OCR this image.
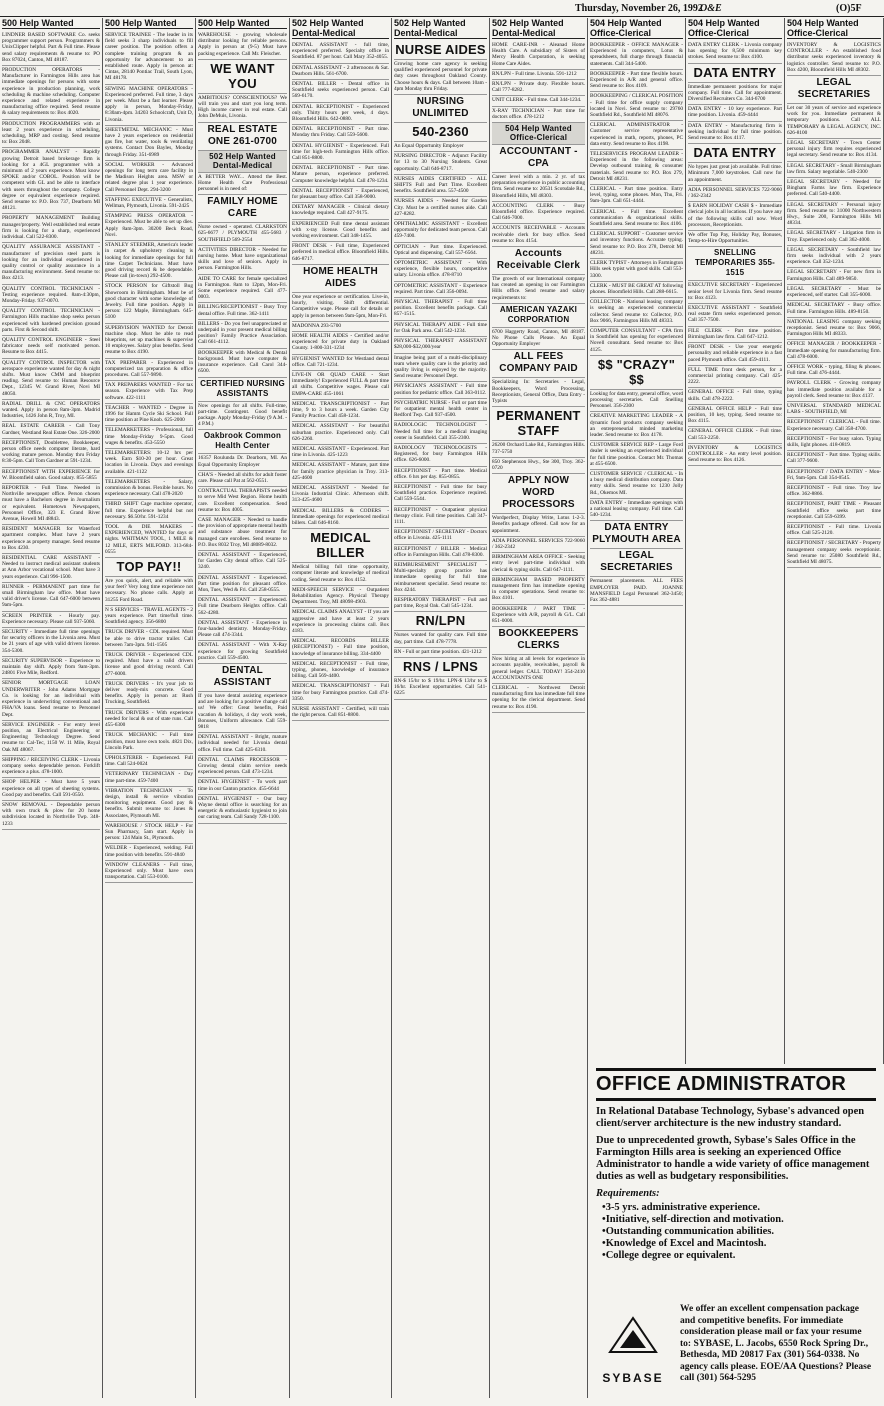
Thursday, November 26, 1992
O&E	(O)5F
500 Help Wanted

LINDNER BASED SOFTWARE Co. seeks programmer support person. Programmers & UnixClipper helpful. Part & Full time. Please send salary requirements & resume to: PO Box 87024, Canton, MI 48187.

PRODUCTION OPERATORS - Manufacturer in Farmington Hills area has immediate openings for persons with some experience in production planning, work scheduling & machine scheduling. Computer experience and related experience in manufacturing office required. Send resume & salary requirements to: Box 4020.

PRODUCTION PROGRAMMERS with at least 2 years experience in scheduling, scheduling, MRP and costing. Send resume to: Box 2048.

PROGRAMMER ANALYST - Rapidly growing Detroit based brokerage firm is looking for a 4GL programmer with a minimum of 2 years experience. Must know SPOKE and/or COBOL. Position will be competent with GL and be able to interface with users throughout the company. College degree or equivalent experience required. Send resume to: P.O. Box 737, Dearborn MI 48121.

PROPERTY MANAGEMENT Building manager/property. Well established real estate firm is looking for a sharp, experienced individual. Call 522-8300.

QUALITY ASSURANCE ASSISTANT - manufacturer of precision steel parts is looking for an individual experienced in quality control or quality assurance in a manufacturing environment. Send resume to: Box 4213.

QUALITY CONTROL TECHNICIAN - Testing experience required. 8am-4:30pm, Monday-Friday. 937-0070.

QUALITY CONTROL TECHNICIAN - Farmington Hills machine shop seeks person experienced with hardened precision ground parts. First & Second shift.

QUALITY CONTROL ENGINEER - Steel fabricator needs self motivated person. Resume to Box 4415.

QUALITY CONTROL INSPECTOR with aerospace experience wanted for day & night shifts. Must know CMM and blueprint reading. Send resume to: Human Resource Dept., 12345 W. Grand River, Novi MI 48050.

RADIAL DRILL & CNC OPERATORS wanted. Apply in person 8am-3pm. Madrid Industries, 1426 John R, Troy, MI.

REAL ESTATE CAREER - Call Tony Gardner, Westland Real Estate One. 326-2000

RECEPTIONIST, Doubletree, Bookkeeper, person office needs computer literate, hard working mature person. Monday thru Friday 8:30-5pm. Call Tom Gardner at 591-1234.

RECEPTIONIST WITH EXPERIENCE for W. Bloomfield salon. Good salary. 855-5855

REPORTER - Full Time. Needed in Northville newspaper office. Person chosen must have a Bachelors degree in Journalism or equivalent. Hometown Newspapers, Personnel Office, 323 E. Grand River Avenue, Howell MI 48843.

RESIDENT MANAGER for Waterford apartment complex. Must have 2 years experience as property manager. Send resume to Box 4230.

RESIDENTIAL CARE ASSISTANT - Needed to instruct medical assistant students at Ann Arbor vocational school. Must have 3 years experience. Call 996-1500.

RUNNER - PERMANENT part time for small Birmingham law office. Must have valid driver's license. Call 647-6000 between 9am-5pm.

SCREEN PRINTER - Hourly pay. Experience necessary. Please call 937-5060.

SECURITY - Immediate full time openings for security officers in the Livonia area. Must be 21 years of age with valid drivers license. 354-5300.

SECURITY SUPERVISOR - Experience to maintain day shift. Apply from 9am-3pm. 24801 Five Mile, Redford.

SENIOR MORTGAGE LOAN UNDERWRITER - John Adams Mortgage Co. is looking for an individual with experience in underwriting conventional and FHA/VA loans. Send resume to Personnel Dept.

SERVICE ENGINEER - For entry level position, an Electrical Engineering or Engineering Technology Degree. Send resume to: Cal-Tec, 1150 W. 11 Mile, Royal Oak MI 48067.

SHIPPING / RECEIVING CLERK - Livonia company seeks dependable person. Forklift experience a plus. 478-1000.

SHOP HELPER - Must have 5 years experience on all types of sheeting systems. Good pay and benefits. Call 591-0550.

SNOW REMOVAL - Dependable person with own truck & plow for 20 home subdivision located in Northville Twp. 348-1233

500 Help Wanted

SERVICE TRAINEE - The leader in its field seeks 3 sharp individuals to fill career position. The position offers a complete training program & an opportunity for advancement to an established route. Apply in person at: Cintas, 28140 Pontiac Trail, South Lyon, MI 48178.

SEWING MACHINE OPERATORS - Experienced preferred. Full time, 3 days per week. Must be a fast learner. Please apply in person, Monday-Friday, 8:30am-4pm. 34203 Schoolcraft, Unit D, Livonia.

SHEETMETAL MECHANIC - Must have 2 years experience on residential gas fire, hot water, tools & ventilating systems. Contact Don Bayles, Monday through Friday. 351-6989

SOCIAL WORKER - Advanced openings for long term care facility in the Madison Heights area. MSW or related degree plus 1 year experience. Call Personnel Dept. 294-3200

STAFFING EXECUTIVE - Generalists, Wellman, Plymouth, Livonia. 591-2425

STAMPING PRESS OPERATOR - Experienced. Must be able to set up dies. Apply 8am-3pm. 30200 Beck Road, Novi.

STANLEY STEEMER, America's leader in carpet & upholstery cleaning is looking for immediate openings for full time Carpet Technicians. Must have good driving record & be dependable. Please call (in-town) 292-4500.

STOCK PERSON for Giftstoll Bug Showroom in Birmingham. Must be of good character with some knowledge of Jewelry. Full time position. Apply in person: 122 Maple, Birmingham. 645-5100

SUPERVISION WANTED for Detroit machine shop. Must be able to read blueprints, set up machines & supervise 10 employees. Salary plus benefits. Send resume to Box 4190.

TAX PREPARER - Experienced in computerized tax preparation & office procedures. Call 557-9890.

TAX PREPARERS WANTED - For tax season. Experience with Tax Prep software. 422-1111

TEACHER - WANTED - Degree in 1996 for Hamm Cycle Ski School. Full time position at Pine Knob. 625-2000

TELEMARKETERS - Professional, full time Monday-Friday 9-5pm. Good wages & benefits. 453-5550

TELEMARKETERS: 10-12 hrs per week. Earn $10-20 per hour. Great location in Livonia. Days and evenings available. 421-1122

TELEMARKETERS - Salary, commission & bonus. Flexible hours. No experience necessary. Call 478-2020

THIRD SHIFT Cage machine operator, full time. Experience helpful but not necessary. $6.50/hr. 591-1234

TOOL & DIE MAKERS - EXPERIENCED, WANTED for days or nights. WHITMAN TOOL, 1 MILE & 12 MILE, ERTS MILFORD. 313-684-0555

TOP PAY!!

Are you quick, alert, and reliable with your feet? Very long time experience not necessary. No phone calls. Apply at 31255 Ford Road.

N S SERVICES - TRAVEL AGENTS - 2 years experience. Part time/full time. Southfield agency. 356-6800

TRUCK DRIVER - CDL required. Must be able to drive tractor trailer. Call between 7am-3pm. 941-1505

TRUCK DRIVER - Experienced CDL required. Must have a valid drivers license and good driving record. Call 477-6000.

TRUCK DRIVERS - It's your job to deliver ready-mix concrete. Good benefits. Apply in person at: Rush Trucking, Southfield.

TRUCK DRIVERS - With experience needed for local & out of state runs. Call 455-6300

TRUCK MECHANIC - Full time position, must have own tools. 4821 Dix, Lincoln Park.

UPHOLSTERER - Experienced. Full time. Call 524-0024

VETERINARY TECHNICIAN - Day time part-time. 459-7400

VIBRATION TECHNICIAN - To design, install & service vibration monitoring equipment. Good pay & benefits. Submit resume to: Jones & Associates, Plymouth MI.

WAREHOUSE / STOCK HELP - For Sun Pharmacy, 5am start. Apply in person: 124 Main St., Plymouth.

WELDER - Experienced, welding. Full time position with benefits. 591-4840

WINDOW CLEANERS - Full time, Experienced only. Must have own transportation. Call 553-0100.

500 Help Wanted

WAREHOUSE - growing wholesale distributor looking for reliable persons. Apply in person at (9-5) Must have packing experience. Call Mr. Fleischer.

WE WANT YOU

AMBITIOUS? CONSCIENTIOUS? We will train you and start you long term. High income career in real estate. Call John DeMuis, Livonia.

REAL ESTATE ONE 261-0700

502 Help Wanted Dental-Medical

A BETTER WAY... Attend the Best. Home Health Care Professional personnel is in need of:

FAMILY HOME CARE

Nurse owned - operated. CLARKSTON 625-6677 / PLYMOUTH 455-5683 / SOUTHFIELD 569-2554

ACTIVITIES DIRECTOR - Needed for nursing home. Must have organizational skills and love of seniors. Apply in person. Farmington Hills.

AIDE TO CARE for female specialized in Farmington. 8am to 12pm, Mon-Fri. Some experience required. Call 477-0003.

BILLING/RECEPTIONIST - Busy Troy dental office. Full time. 362-1411

BILLERS - Do you feel unappreciated or underpaid in your present medical billing position? Family Practice Association. Call 661-4112.

BOOKKEEPER with Medical & Dental background. Must have computer & insurance experience. Call Carol 344-6500.

CERTIFIED NURSING ASSISTANTS

Now openings for all shifts. Full-time, part-time. Contingent. Good benefit package. Apply Monday-Friday (9 A.M. - 4 P.M.)

Oakbrook Common Health Center

16357 Roulunda Dr. Dearborn, MI. An Equal Opportunity Employer

CHA'S - Needed all shifts for adult foster care. Please call Pat at 562-0551.

CONTRACTUAL THERAPISTS needed to serve Mid West Region. Home health care. Excellent compensation. Send resume to: Box 4005.

CASE MANAGER - Needed to handle the provision of appropriate mental health and substance abuse treatment for managed care enrollees. Send resume to P.O. Box 8032 Troy, MI 48089-8032.

DENTAL ASSISTANT - Experienced, for Garden City dental office. Call 525-3240.

DENTAL ASSISTANT - Experienced. Part time position for pleasant office. Mon, Tues, Wed & Fri. Call 258-0555.

DENTAL ASSISTANT - Experienced. Full time Dearborn Heights office. Call 562-4280.

DENTAL ASSISTANT - Experience in four-handed dentistry. Monday-Friday. Please call 474-3344.

DENTAL ASSISTANT - With X-Ray experience for growing Southfield practice. Call 559-4500.

DENTAL ASSISTANT

If you have dental assisting experience and are looking for a positive change call us! We offer: Great benefits, Paid vacation & holidays, 4 day work week, Bonuses, Uniform allowance. Call 559-9818

DENTAL ASSISTANT - Bright, mature individual needed for Livonia dental office. Full time. Call 425-6310.

DENTAL CLAIMS PROCESSOR - Growing dental claim service needs experienced person. Call 473-1234.

DENTAL HYGIENIST - To work part time in our Canton practice. 455-6644

DENTAL HYGIENIST - Our busy Wayne dental office is searching for an energetic & enthusiastic hygienist to join our caring team. Call Sandy 728-1100.

502 Help Wanted Dental-Medical

DENTAL ASSISTANT - full time, experienced preferred. Specialty office in Southfield. 87 per hour. Call Mary 352-4055.

DENTAL ASSISTANT - 2 afternoons & Sat. Dearborn Hills. 561-6700.

DENTAL BILLER - Dental office in Southfield seeks experienced person. Call 569-6170.

DENTAL RECEPTIONIST - Experienced only. Thirty hours per week, 4 days. Bloomfield Hills. 642-0880.

DENTAL RECEPTIONIST - Part time. Monday thru Friday. Call 559-5600.

DENTAL HYGIENIST - Experienced. Full time for high-tech Farmington Hills office. Call 851-8800.

DENTAL RECEPTIONIST - Part time. Mature person, experience preferred. Computer knowledge helpful. Call 478-1234.

DENTAL RECEPTIONIST - Experienced, for pleasant busy office. Call 358-9000.

DIETARY MANAGER - Clinical dietary knowledge required. Call 427-9175.

EXPERIENCED Full time dental assistant with x-ray license. Good benefits and working environment. Call 348-1455.

FRONT DESK - Full time, Experienced preferred in medical office. Bloomfield Hills. 646-8717.

HOME HEALTH AIDES

One year experience or certification. Live-in, hourly, visiting. Shift differential. Competitive wage. Please call for details or apply in person between 9am-5pm, Mon-Fri.

MADONNA 293-5700

HOME HEALTH AIDES - Certified and/or experienced for private duty in Oakland County. 1-800-331-1234

HYGIENIST WANTED for Westland dental office. Call 721-1234.

LIVE-IN OR QUAD CARE - Start immediately! Experienced FULL & part time all shifts. Competitive wages. Please call EMPA-CARE 455-1061

MEDICAL TRANSCRIPTIONIST - Part time, 9 to 3 hours a week. Garden City Family Practice. Call 458-1234.

MEDICAL ASSISTANT - For beautiful suburban practice. Experienced only. Call 626-2260.

MEDICAL ASSISTANT - Experienced. Part time in Livonia. 425-1223

MEDICAL ASSISTANT - Mature, part time for family practice physician in Troy. 313-425-4600

MEDICAL ASSISTANT - Needed for Livonia Industrial Clinic. Afternoon shift. 313-425-4600

MEDICAL BILLERS & CODERS - Immediate openings for experienced medical billers. Call 646-8160.

MEDICAL BILLER

Medical billing full time opportunity, computer literate and knowledge of medical coding. Send resume to: Box 4152.

MEDI-SPEECH SERVICE - Outpatient Rehabilitation Agency. Physical Therapy Department. Troy, MI 48098-4903.

MEDICAL CLAIMS ANALYST - If you are aggressive and have at least 2 years experience in processing claims call. Box 4183.

MEDICAL RECORDS BILLER (RECEPTIONIST) - Full time position, knowledge of insurance billing. 334-4400

MEDICAL RECEPTIONIST - Full time, typing, phones, knowledge of insurance billing. Call 569-4400.

MEDICAL TRANSCRIPTIONIST - Full time for busy Farmington practice. Call 474-3350.

NURSE ASSISTANT - Certified, will train the right person. Call 851-8800.

502 Help Wanted Dental-Medical

NURSE AIDES

Growing home care agency is seeking qualified experienced personnel for private duty cases throughout Oakland County. Choose hours & days. Call between 10am - 4pm Monday thru Friday.

NURSING UNLIMITED

540-2360

An Equal Opportunity Employer

NURSING DIRECTOR - Adjunct Facility for 13 to 30 Nursing Students. Great opportunity. Call 646-8717.

NURSES AIDES CERTIFIED - ALL SHIFTS Full and Part Time. Excellent benefits. Southfield area. 557-4500

NURSES AIDES - Needed for Garden City. Must be a certified nurses aide. Call 427-8282.

OPHTHALMIC ASSISTANT - Excellent opportunity for dedicated team person. Call 459-7400.

OPTICIAN - Part time. Experienced. Optical and dispensing. Call 557-6564.

OPTOMETRIC ASSISTANT - With experience, flexible hours, competitive salary. Livonia office. 478-8710

OPTOMETRIC ASSISTANT - Experience required. Part time. Call 356-0094.

PHYSICAL THERAPIST - Full time position. Excellent benefits package. Call 857-1515.

PHYSICAL THERAPY AIDE - Full time for Oak Park area. Call 542-1234.

PHYSICAL THERAPIST ASSISTANT $28,000-$32,000/year

Imagine being part of a multi-disciplinary team where quality care is the priority and quality living is enjoyed by the majority. Send resume: Personnel Dept.

PHYSICIAN'S ASSISTANT - Full time position for pediatric office. Call 363-0112.

PSYCHIATRIC NURSE - Full or part time for outpatient mental health center in Redford Twp. Call 937-4500.

RADIOLOGIC TECHNOLOGIST - Needed full time for a medical imaging center in Southfield. Call 355-2300.

RADIOLOGY TECHNOLOGISTS - Registered, for busy Farmington Hills office. 626-6000.

RECEPTIONIST - Part time. Medical office. 6 hrs per day. 855-0855.

RECEPTIONIST - Full time for busy Southfield practice. Experience required. Call 559-5544.

RECEPTIONIST - Outpatient physical therapy clinic. Full time position. Call 347-1111.

RECEPTIONIST / SECRETARY - Doctors office in Livonia. 425-1111

RECEPTIONIST / BILLER - Medical office in Farmington Hills. Call 478-8300.

REIMBURSEMENT SPECIALIST - Multi-specialty group practice has immediate opening for full time reimbursement specialist. Send resume to: Box 4244.

RESPIRATORY THERAPIST - Full and part time, Royal Oak. Call 545-1234.

RN/LPN

Nurses wanted for quality care. Full time day, part time. Call 478-7778.

RN - Full or part time position. 421-1212

RNS / LPNS

RN-$ 15/hr to $ 19/hr. LPN-$ 13/hr to $ 16/hr. Excellent opportunities. Call 541-6225

502 Help Wanted Dental-Medical

HOME CARE-INR - Aleanad Home Health Care. A subsidiary of Sisters of Mercy Health Corporation, is seeking Home Care Aides.

RN/LPN - Full time. Livonia. 591-1212

RN/LPN - Private duty. Flexible hours. Call 777-8282.

UNIT CLERK - Full time. Call 344-1234.

X-RAY TECHNICIAN - Part time for doctors office. 478-1212

504 Help Wanted Office-Clerical

ACCOUNTANT - CPA

Career level with a min. 2 yr. of tax preparation experience in public accounting firm. Send resume to: 20531 Scotsdale Rd., Bloomfield Hills, MI 48303.

ACCOUNTING CLERK - Busy Bloomfield office. Experience required. Call 646-7000.

ACCOUNTS RECEIVABLE - Accounts receivable clerk for busy office. Send resume to: Box 4154.

Accounts Receivable Clerk

The growth of our International company has created an opening in our Farmington Hills office. Send resume and salary requirements to:

AMERICAN YAZAKI CORPORATION

6700 Haggerty Road, Canton, MI 48187. No Phone Calls Please. An Equal Opportunity Employer

ALL FEES COMPANY PAID

Specializing In: Secretaries - Legal, Bookkeepers, Word Processing, Receptionists, General Office, Data Entry - Typists

PERMANENT STAFF

26200 Orchard Lake Rd., Farmington Hills. 737-5750

850 Stephenson Hwy., Ste 300, Troy. 362-0720

APPLY NOW WORD PROCESSORS

Wordperfect, Display Write, Lotus 1-2-3. Benefits package offered. Call now for an appointment.

ADIA PERSONNEL SERVICES 722-9060 / 362-2342

BIRMINGHAM AREA OFFICE - Seeking entry level part-time individual with clerical & typing skills. Call 647-1111.

BIRMINGHAM BASED PROPERTY management firm has immediate opening in computer operations. Send resume to: Box 4101.

BOOKKEEPER / PART TIME - Experience with A/R, payroll & G/L. Call 851-0000.

BOOKKEEPERS CLERKS

Now hiring at all levels for experience in accounts payable, receivables, payroll & general ledger. CALL TODAY! 354-2410 ACCOUNTANTS ONE

CLERICAL - Northwest Detroit manufacturing firm has immediate full time opening for the clerical department. Send resume to: Box 4190.

504 Help Wanted Office-Clerical

BOOKKEEPER - OFFICE MANAGER - Experienced in computers, Lotus & spreadsheets, full charge through financial statements. Call 344-5400.

BOOKKEEPER - Part time flexible hours. Experienced in A/R and general office. Send resume to: Box 4109.

BOOKKEEPING / CLERICAL POSITION - Full time for office supply company located in Novi. Send resume to: 29760 Southfield Rd., Southfield MI 48076.

CLERICAL ADMINISTRATOR - Customer service representative experienced in math, reports, phones, PC data entry. Send resume to Box 4198.

TELESERVICES PROGRAM LEADER - Experienced in the following areas: Develop outbound training & consumer materials. Send resume to: P.O. Box 279, Detroit MI 48231.

CLERICAL - Part time position. Entry level, typing, some phones. Mon, Thu, Fri. 9am-3pm. Call 651-4444.

CLERICAL - Full time. Excellent communication & organizational skills. Southfield area. Send resume to: Box 4106.

CLERICAL SUPPORT - Customer service and inventory functions. Accurate typing. Send resume to: P.O. Box 278, Detroit MI 48231.

CLERK TYPIST - Attorneys in Farmington Hills seek typist with good skills. Call 553-3300.

CLERK - MUST BE GREAT AT following phones. Bloomfield Hills. Call 288-6615.

COLLECTOR - National leasing company is seeking an experienced commercial collector. Send resume to: Collector, P.O. Box 9066, Farmington Hills MI 48333.

COMPUTER CONSULTANT - CPA firm in Southfield has opening for experienced Novell consultant. Send resume to: Box 4125.

$$ "CRAZY" $$

Looking for data entry, general office, word processing secretaries. Call Snelling Personnel. 356-2300

CREATIVE MARKETING LEADER - A dynamic food products company seeking an entrepreneurial minded marketing leader. Send resume to: Box 4178.

CUSTOMER SERVICE REP - Large Ford dealer is seeking an experienced individual for full time position. Contact Mr. Thomas at 455-6500.

CUSTOMER SERVICE / CLERICAL - In a busy medical distribution company. Data entry skills. Send resume to: 1230 Jolly Rd., Okemos MI.

DATA ENTRY - Immediate openings with a national leasing company. Full time. Call 540-1234.

DATA ENTRY PLYMOUTH AREA

LEGAL SECRETARIES

Permanent placements. ALL FEES EMPLOYER PAID. JOANNE MANSFIELD Legal Personnel 362-3450; Fax 362-4881

504 Help Wanted Office-Clerical

DATA ENTRY CLERK - Livonia company has opening for 8,500 minimum key strokes. Send resume to: Box 4100.

DATA ENTRY

Immediate permanent positions for major company. Full time. Call for appointment. Diversified Recruiters Co. 344-6700

DATA ENTRY - 10 key experience. Part time position. Livonia. 459-4444

DATA ENTRY - Manufacturing firm is seeking individual for full time position. Send resume to: Box 4117.

DATA ENTRY

No hypes just great job available. Full time. Minimum 7,000 keystrokes. Call now for an appointment.

ADIA PERSONNEL SERVICES 722-9060 / 362-2342

$ EARN HOLIDAY CASH $ - Immediate clerical jobs in all locations. If you have any of the following skills call now. Word processors, Receptionists.

We offer Top Pay, Holiday Pay, Bonuses, Temp-to-Hire Opportunities.

SNELLING TEMPORARIES 355-1515

EXECUTIVE SECRETARY - Experienced senior level for Livonia firm. Send resume to: Box 4123.

EXECUTIVE ASSISTANT - Southfield real estate firm seeks experienced person. Call 357-7500.

FILE CLERK - Part time position. Birmingham law firm. Call 647-1212.

FRONT DESK - Use your energetic personality and reliable experience in a fast paced Plymouth office. Call 459-4111.

FULL TIME front desk person, for a commercial printing company. Call 425-2222.

GENERAL OFFICE - Full time, typing skills. Call 478-2222.

GENERAL OFFICE HELP - Full time position, 10 key, typing. Send resume to: Box 4115.

GENERAL OFFICE CLERK - Full time. Call 553-2250.

INVENTORY & LOGISTICS CONTROLLER - An entry level position. Send resume to: Box 4126.

504 Help Wanted Office-Clerical

INVENTORY & LOGISTICS CONTROLLER - An established food distributor seeks experienced inventory & logistics controller. Send resume to: P.O. Box 4200, Bloomfield Hills MI 48302.

LEGAL SECRETARIES

Let our 30 years of service and experience work for you. Immediate permanent & temporary positions. Call ALL TEMPORARY & LEGAL AGENCY, INC. 626-8100

LEGAL SECRETARY - Town Center personal injury firm requires experienced legal secretary. Send resume to: Box 4134.

LEGAL SECRETARY - Small Birmingham law firm. Salary negotiable. 540-2300

LEGAL SECRETARY - Needed for Bingham Farms law firm. Experience preferred. Call 540-4400.

LEGAL SECRETARY - Personal injury firm. Send resume to: 31000 Northwestern Hwy., Suite 200, Farmington Hills MI 48334.

LEGAL SECRETARY - Litigation firm in Troy. Experienced only. Call 362-4000.

LEGAL SECRETARY - Southfield law firm seeks individual with 2 years experience. Call 352-1234.

LEGAL SECRETARY - For new firm in Farmington Hills. Call 489-9850.

LEGAL SECRETARY - Must be experienced, self starter. Call 355-6000.

MEDICAL SECRETARY - Busy office. Full time. Farmington Hills. 489-8150.

NATIONAL LEASING company seeking receptionist. Send resume to: Box 9066, Farmington Hills MI 48333.

OFFICE MANAGER / BOOKKEEPER - Immediate opening for manufacturing firm. Call 478-6000.

OFFICE WORK - typing, filing & phones. Full time. Call 476-4444.

PAYROLL CLERK - Growing company has immediate position available for a payroll clerk. Send resume to: Box 4137.

UNIVERSAL STANDARD MEDICAL LABS - SOUTHFIELD, MI

RECEPTIONIST / CLERICAL - Full time. Experience necessary. Call 358-4700.

RECEPTIONIST - For busy salon. Typing skills, light phones. 418-0819.

RECEPTIONIST - Part time. Typing skills. Call 377-9600.

RECEPTIONIST / DATA ENTRY - Mon-Fri, 9am-5pm. Call 354-0545.

RECEPTIONIST - Full time. Troy law office. 362-8866.

RECEPTIONIST, PART TIME - Pleasant Southfield office seeks part time receptionist. Call 559-6399.

RECEPTIONIST - Full time. Livonia office. Call 525-2120.

RECEPTIONIST / SECRETARY - Property management company seeks receptionist. Send resume to: 25080 Southfield Rd., Southfield MI 48075.

OFFICE ADMINISTRATOR

In Relational Database Technology, Sybase's advanced open client/server architecture is the new industry standard.

Due to unprecedented growth, Sybase's Sales Office in the Farmington Hills area is seeking an experienced Office Administrator to handle a wide variety of office management duties as well as budgetary responsibilities.

Requirements:
• 3-5 yrs. administrative experience.
• Initiative, self-direction and motivation.
• Outstanding communication abilities.
• Knowledge of Excel and Macintosh.
• College degree or equivalent.
SYBASE
We offer an excellent compensation package and competitive benefits. For immediate consideration please mail or fax your resume to: SYBASE, L. Jacobs, 6550 Rock Spring Dr., Bethesda, MD 20817 Fax (301) 564-0338. No agency calls please. EOE/AA Questions? Please call (301) 564-5295
